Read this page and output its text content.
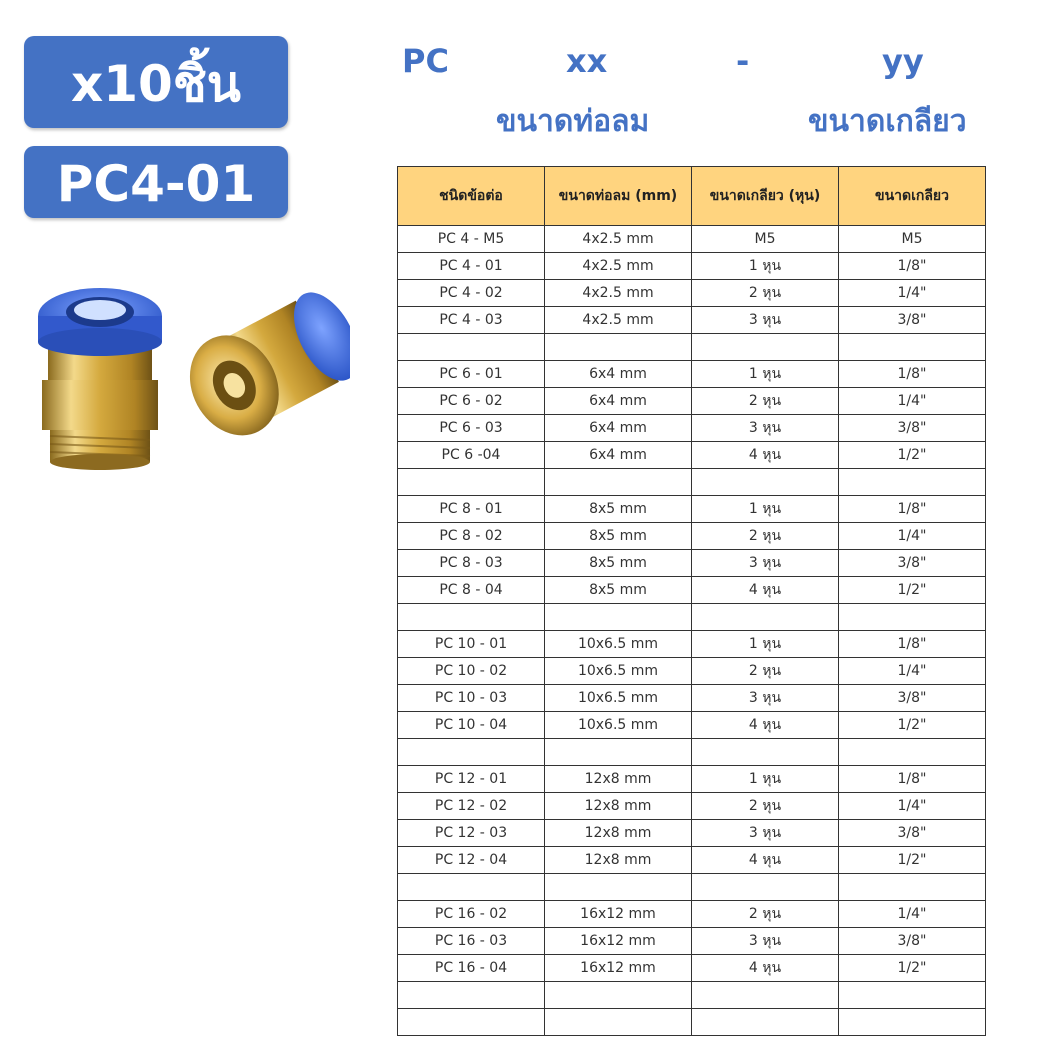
x10ชิ้น
PC4-01
PC	xx	-	yy
ขนาดท่อลม	ขนาดเกลียว
ชนิดข้อต่อ	ขนาดท่อลม (mm)	ขนาดเกลียว (หุน)	ขนาดเกลียว
PC 4 - M5	4x2.5 mm	M5	M5
PC 4 - 01	4x2.5 mm	1 หุน	1/8"
PC 4 - 02	4x2.5 mm	2 หุน	1/4"
PC 4 - 03	4x2.5 mm	3 หุน	3/8"

PC 6 - 01	6x4 mm	1 หุน	1/8"
PC 6 - 02	6x4 mm	2 หุน	1/4"
PC 6 - 03	6x4 mm	3 หุน	3/8"
PC 6 -04	6x4 mm	4 หุน	1/2"

PC 8 - 01	8x5 mm	1 หุน	1/8"
PC 8 - 02	8x5 mm	2 หุน	1/4"
PC 8 - 03	8x5 mm	3 หุน	3/8"
PC 8 - 04	8x5 mm	4 หุน	1/2"

PC 10 - 01	10x6.5 mm	1 หุน	1/8"
PC 10 - 02	10x6.5 mm	2 หุน	1/4"
PC 10 - 03	10x6.5 mm	3 หุน	3/8"
PC 10 - 04	10x6.5 mm	4 หุน	1/2"

PC 12 - 01	12x8 mm	1 หุน	1/8"
PC 12 - 02	12x8 mm	2 หุน	1/4"
PC 12 - 03	12x8 mm	3 หุน	3/8"
PC 12 - 04	12x8 mm	4 หุน	1/2"

PC 16 - 02	16x12 mm	2 หุน	1/4"
PC 16 - 03	16x12 mm	3 หุน	3/8"
PC 16 - 04	16x12 mm	4 หุน	1/2"
